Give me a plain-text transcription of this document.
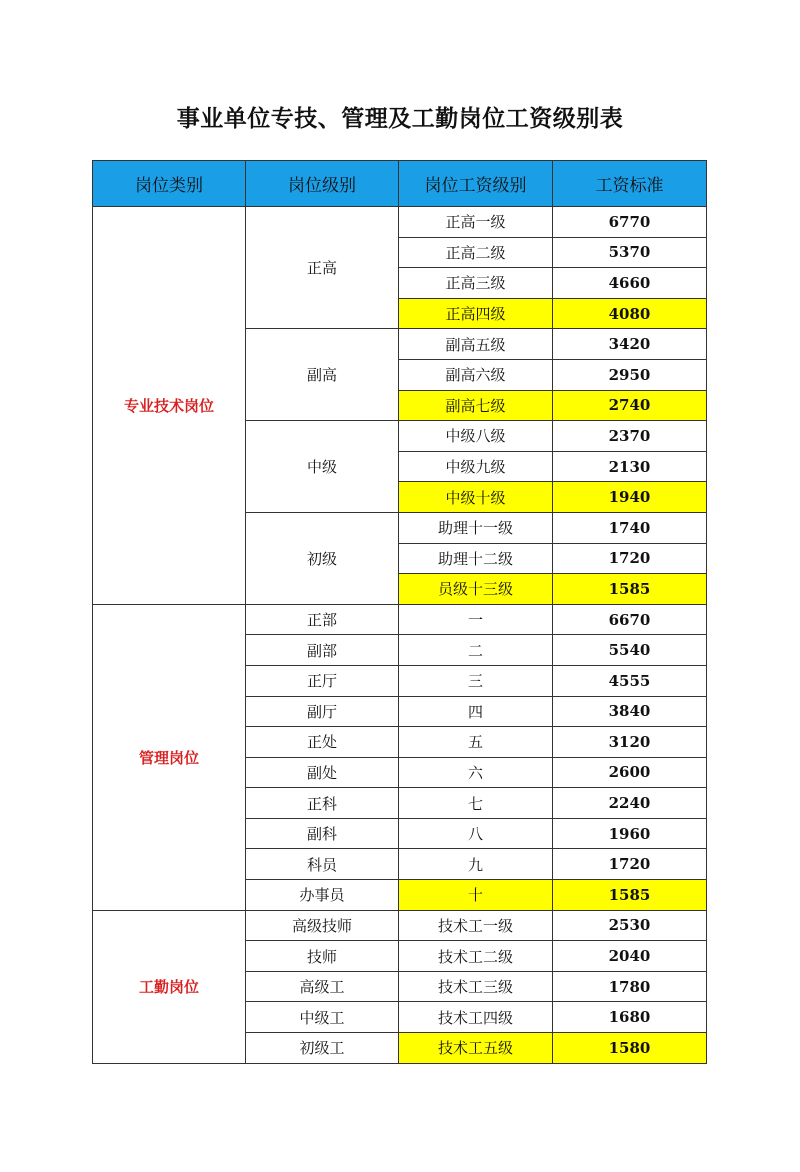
事业单位专技、管理及工勤岗位工资级别表
岗位类别	岗位级别	岗位工资级别	工资标准
专业技术岗位	正高	正高一级	6770
		正高二级	5370
		正高三级	4660
		正高四级	4080
	副高	副高五级	3420
		副高六级	2950
		副高七级	2740
	中级	中级八级	2370
		中级九级	2130
		中级十级	1940
	初级	助理十一级	1740
		助理十二级	1720
		员级十三级	1585
管理岗位	正部	一	6670
	副部	二	5540
	正厅	三	4555
	副厅	四	3840
	正处	五	3120
	副处	六	2600
	正科	七	2240
	副科	八	1960
	科员	九	1720
	办事员	十	1585
工勤岗位	高级技师	技术工一级	2530
	技师	技术工二级	2040
	高级工	技术工三级	1780
	中级工	技术工四级	1680
	初级工	技术工五级	1580
